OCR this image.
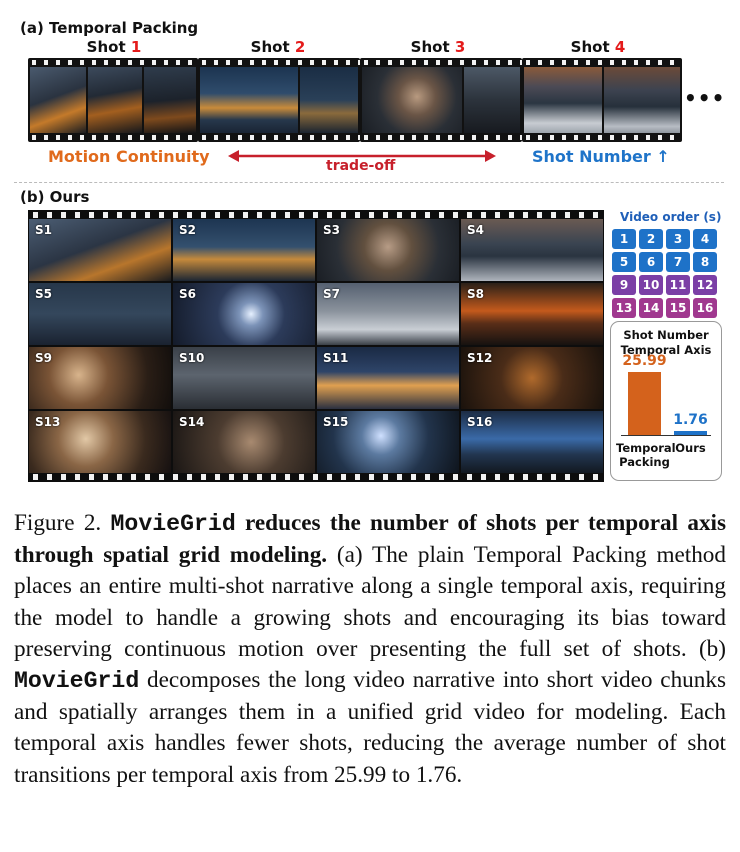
(a) Temporal Packing
Shot 1	Shot 2	Shot 3	Shot 4
•••
Motion Continuity	trade-off	Shot Number ↑
(b) Ours
S1	S2	S3	S4
S5	S6	S7	S8
S9	S10	S11	S12
S13	S14	S15	S16
Video order (s)
1	2	3	4
5	6	7	8
9	10 11 12
13 14 15 16
Shot Number
Temporal Axis
25.99
Temporal
Packing
1.76
Ours
Figure 2. MovieGrid reduces the number of shots per temporal axis through spatial grid modeling. (a) The plain Temporal Packing method places an entire multi-shot narrative along a single temporal axis, requiring the model to handle a growing shots and encouraging its bias toward preserving continuous motion over presenting the full set of shots. (b) MovieGrid decomposes the long video narrative into short video chunks and spatially arranges them in a unified grid video for modeling. Each temporal axis handles fewer shots, reducing the average number of shot transitions per temporal axis from 25.99 to 1.76.
